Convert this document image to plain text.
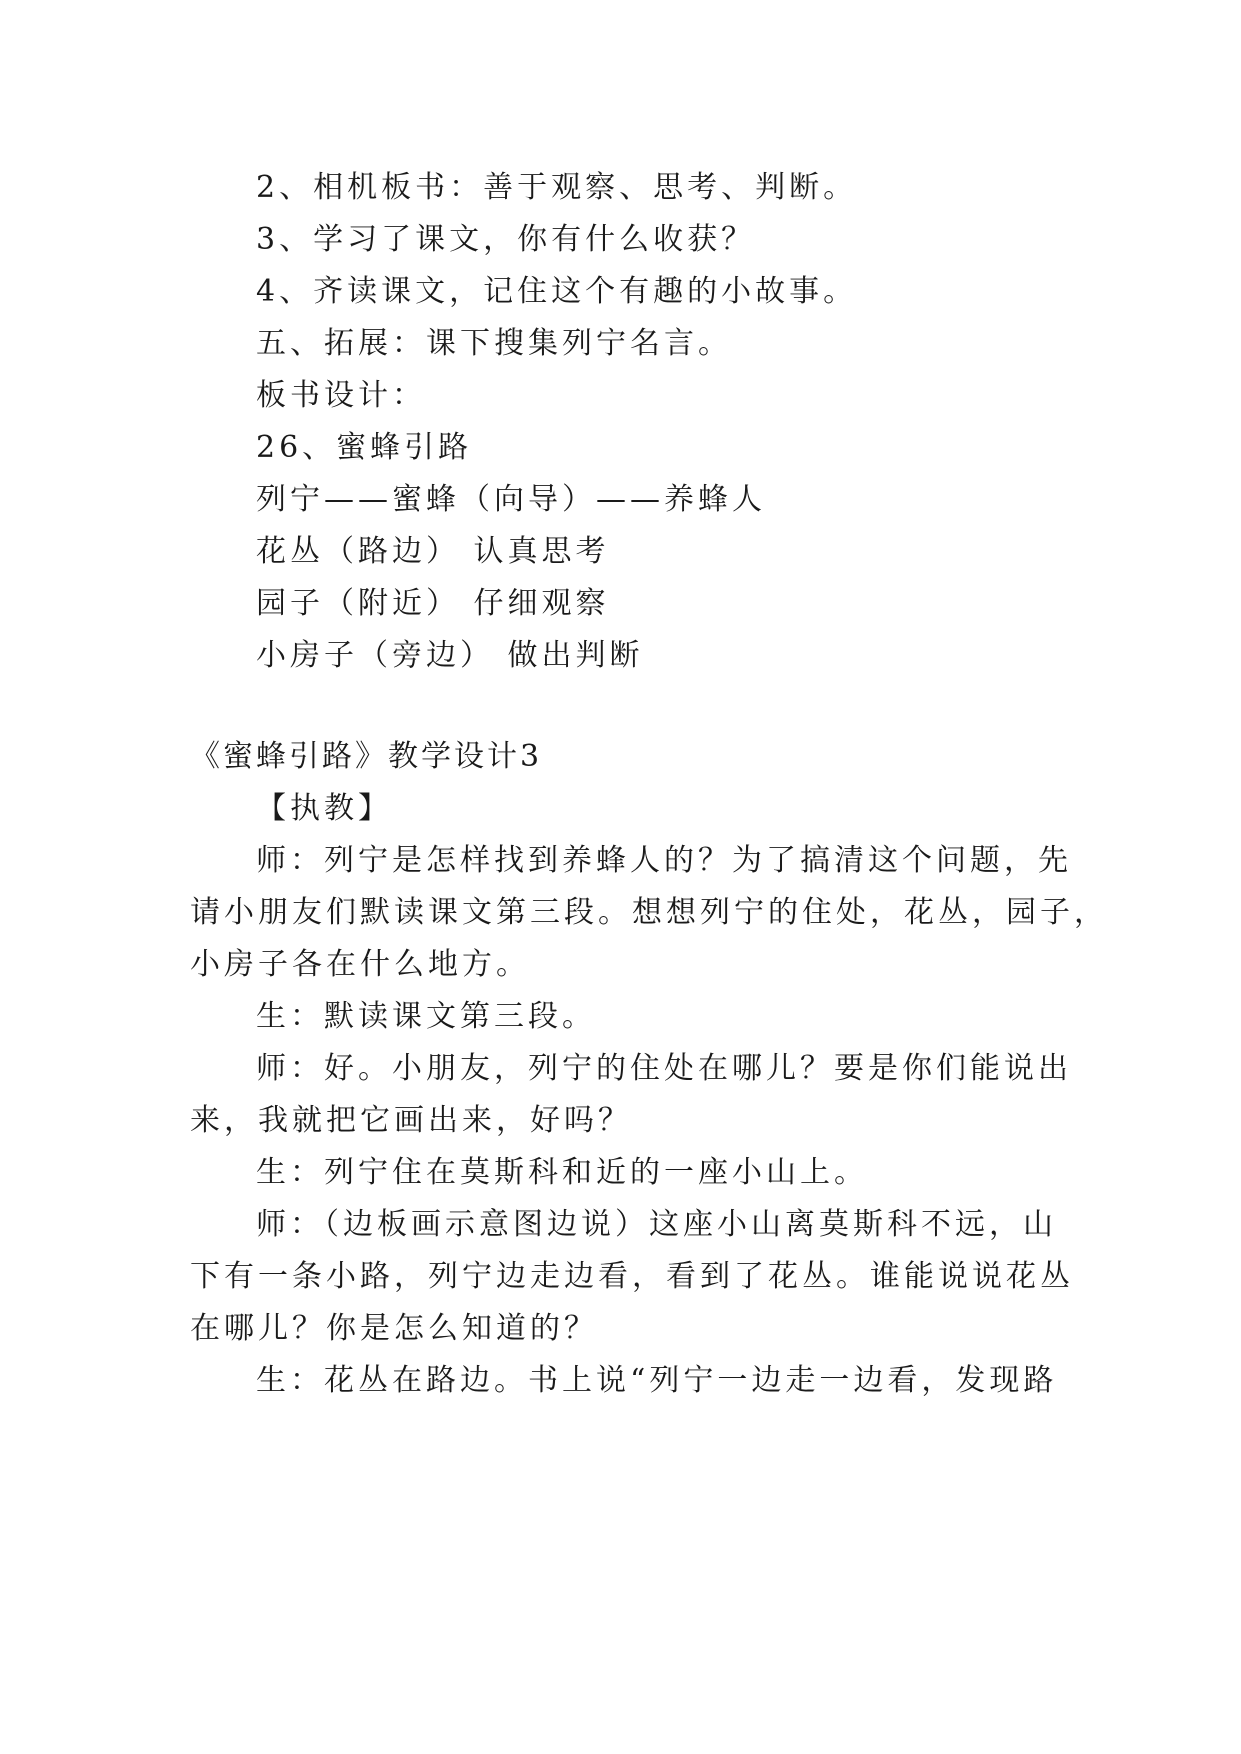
2、相机板书：善于观察、思考、判断。
3、学习了课文，你有什么收获？
4、齐读课文，记住这个有趣的小故事。
五、拓展：课下搜集列宁名言。
板书设计：
26、蜜蜂引路
列宁——蜜蜂（向导）——养蜂人
花丛（路边） 认真思考
园子（附近） 仔细观察
小房子（旁边） 做出判断
《蜜蜂引路》教学设计3
【执教】
师：列宁是怎样找到养蜂人的？为了搞清这个问题，先
请小朋友们默读课文第三段。想想列宁的住处，花丛，园子，
小房子各在什么地方。
生：默读课文第三段。
师：好。小朋友，列宁的住处在哪儿？要是你们能说出
来，我就把它画出来，好吗？
生：列宁住在莫斯科和近的一座小山上。
师：（边板画示意图边说）这座小山离莫斯科不远，山
下有一条小路，列宁边走边看，看到了花丛。谁能说说花丛
在哪儿？你是怎么知道的？
生：花丛在路边。书上说“列宁一边走一边看，发现路
